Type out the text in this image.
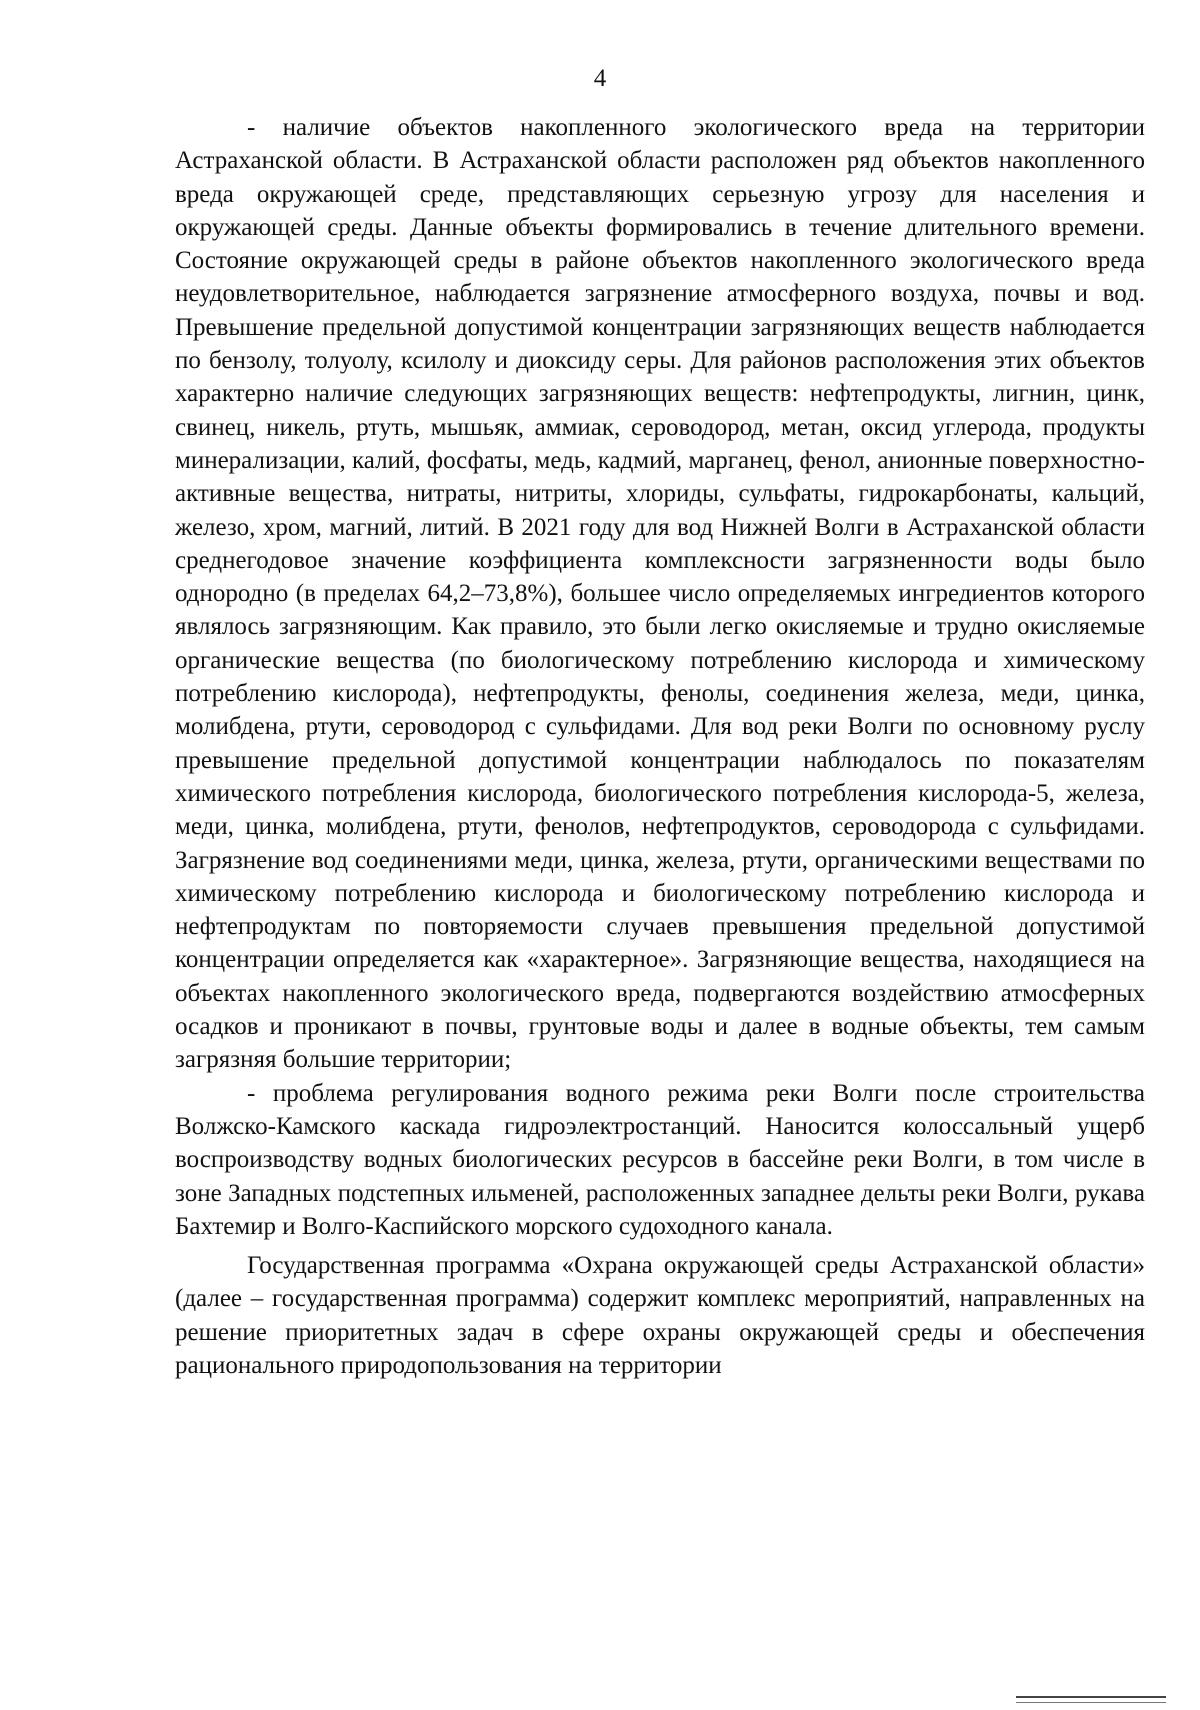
4

- наличие объектов накопленного экологического вреда на территории Астраханской области. В Астраханской области расположен ряд объектов накопленного вреда окружающей среде, представляющих серьезную угрозу для населения и окружающей среды. Данные объекты формировались в течение длительного времени. Состояние окружающей среды в районе объектов накопленного экологического вреда неудовлетворительное, наблюдается загрязнение атмосферного воздуха, почвы и вод. Превышение предельной допустимой концентрации загрязняющих веществ наблюдается по бензолу, толуолу, ксилолу и диоксиду серы. Для районов расположения этих объектов характерно наличие следующих загрязняющих веществ: нефтепродукты, лигнин, цинк, свинец, никель, ртуть, мышьяк, аммиак, сероводород, метан, оксид углерода, продукты минерализации, калий, фосфаты, медь, кадмий, марганец, фенол, анионные поверхностно-активные вещества, нитраты, нитриты, хлориды, сульфаты, гидрокарбонаты, кальций, железо, хром, магний, литий. В 2021 году для вод Нижней Волги в Астраханской области среднегодовое значение коэффициента комплексности загрязненности воды было однородно (в пределах 64,2–73,8%), большее число определяемых ингредиентов которого являлось загрязняющим. Как правило, это были легко окисляемые и трудно окисляемые органические вещества (по биологическому потреблению кислорода и химическому потреблению кислорода), нефтепродукты, фенолы, соединения железа, меди, цинка, молибдена, ртути, сероводород с сульфидами. Для вод реки Волги по основному руслу превышение предельной допустимой концентрации наблюдалось по показателям химического потребления кислорода, биологического потребления кислорода-5, железа, меди, цинка, молибдена, ртути, фенолов, нефтепродуктов, сероводорода с сульфидами. Загрязнение вод соединениями меди, цинка, железа, ртути, органическими веществами по химическому потреблению кислорода и биологическому потреблению кислорода и нефтепродуктам по повторяемости случаев превышения предельной допустимой концентрации определяется как «характерное». Загрязняющие вещества, находящиеся на объектах накопленного экологического вреда, подвергаются воздействию атмосферных осадков и проникают в почвы, грунтовые воды и далее в водные объекты, тем самым загрязняя большие территории;

- проблема регулирования водного режима реки Волги после строительства Волжско-Камского каскада гидроэлектростанций. Наносится колоссальный ущерб воспроизводству водных биологических ресурсов в бассейне реки Волги, в том числе в зоне Западных подстепных ильменей, расположенных западнее дельты реки Волги, рукава Бахтемир и Волго-Каспийского морского судоходного канала.

Государственная программа «Охрана окружающей среды Астраханской области» (далее – государственная программа) содержит комплекс мероприятий, направленных на решение приоритетных задач в сфере охраны окружающей среды и обеспечения рационального природопользования на территории
